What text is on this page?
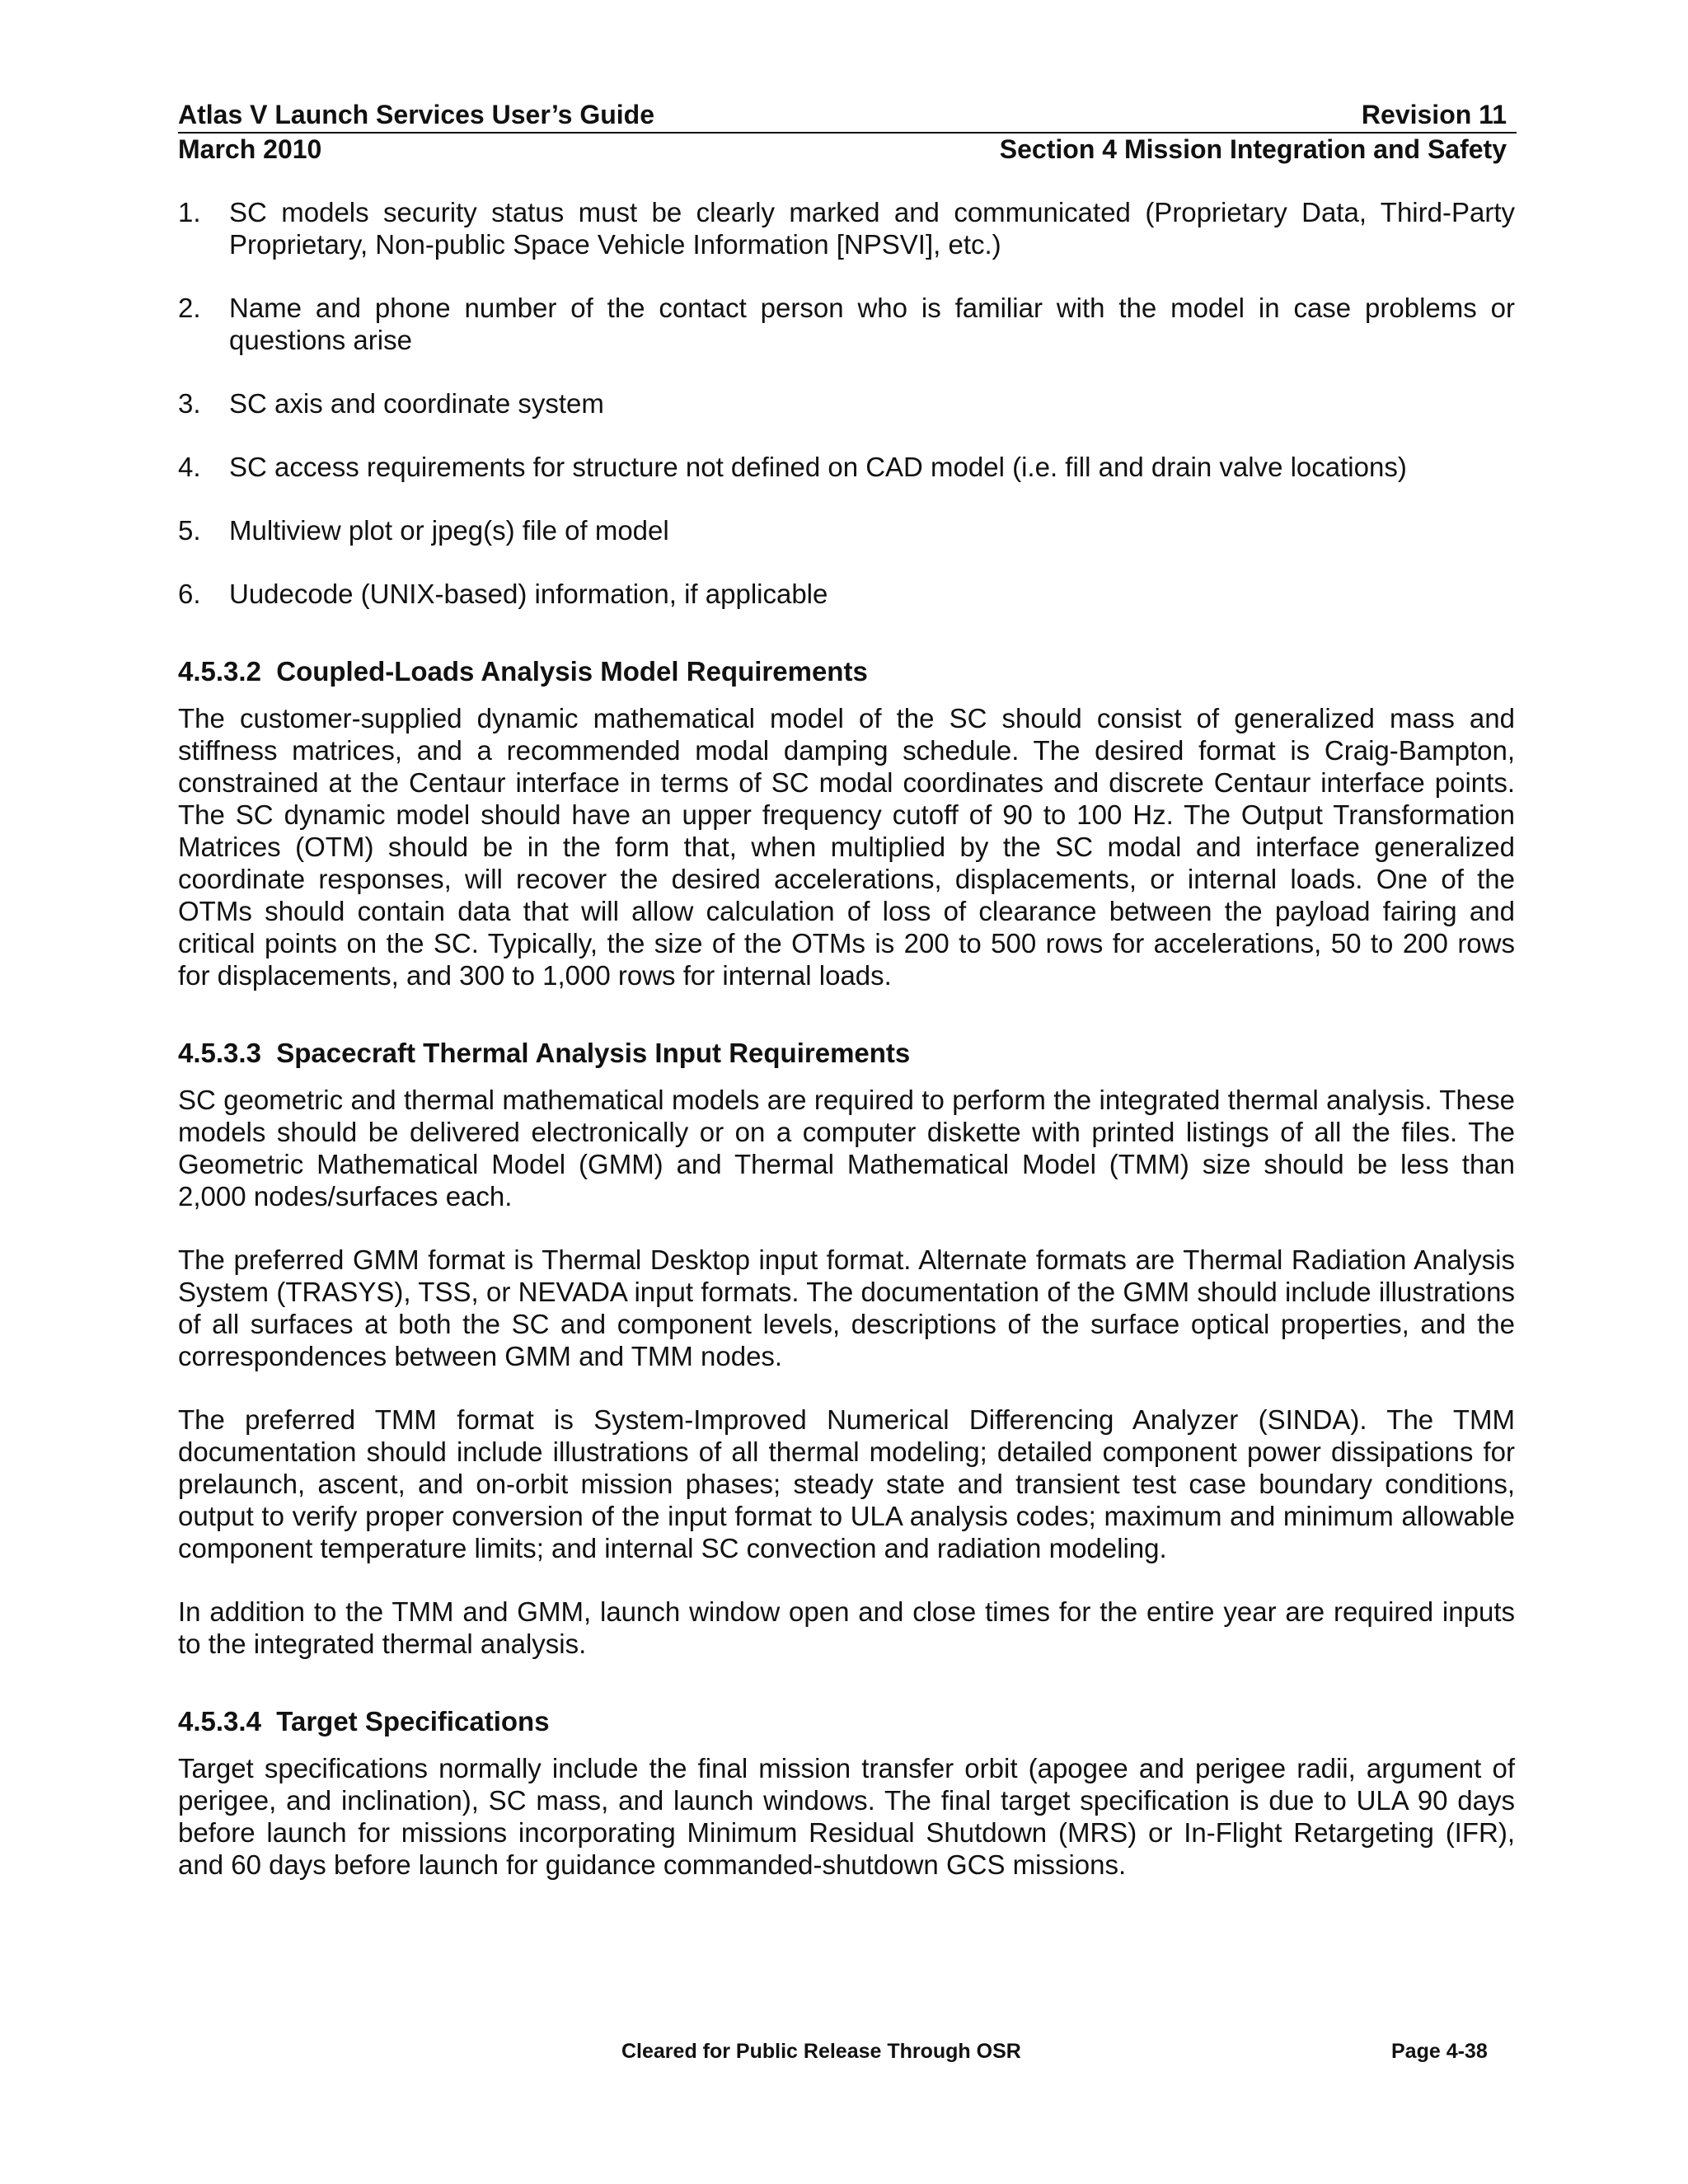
Atlas V Launch Services User’s Guide	Revision 11
March 2010	Section 4 Mission Integration and Safety
1.	SC models security status must be clearly marked and communicated (Proprietary Data, Third-Party Proprietary, Non-public Space Vehicle Information [NPSVI], etc.)
2.	Name and phone number of the contact person who is familiar with the model in case problems or questions arise
3.	SC axis and coordinate system
4.	SC access requirements for structure not defined on CAD model (i.e. fill and drain valve locations)
5.	Multiview plot or jpeg(s) file of model
6.	Uudecode (UNIX-based) information, if applicable
4.5.3.2  Coupled-Loads Analysis Model Requirements

The customer-supplied dynamic mathematical model of the SC should consist of generalized mass and stiffness matrices, and a recommended modal damping schedule. The desired format is Craig-Bampton, constrained at the Centaur interface in terms of SC modal coordinates and discrete Centaur interface points. The SC dynamic model should have an upper frequency cutoff of 90 to 100 Hz. The Output Transformation Matrices (OTM) should be in the form that, when multiplied by the SC modal and interface generalized coordinate responses, will recover the desired accelerations, displacements, or internal loads. One of the OTMs should contain data that will allow calculation of loss of clearance between the payload fairing and critical points on the SC. Typically, the size of the OTMs is 200 to 500 rows for accelerations, 50 to 200 rows for displacements, and 300 to 1,000 rows for internal loads.

4.5.3.3  Spacecraft Thermal Analysis Input Requirements

SC geometric and thermal mathematical models are required to perform the integrated thermal analysis. These models should be delivered electronically or on a computer diskette with printed listings of all the files. The Geometric Mathematical Model (GMM) and Thermal Mathematical Model (TMM) size should be less than 2,000 nodes/surfaces each.

The preferred GMM format is Thermal Desktop input format. Alternate formats are Thermal Radiation Analysis System (TRASYS), TSS, or NEVADA input formats. The documentation of the GMM should include illustrations of all surfaces at both the SC and component levels, descriptions of the surface optical properties, and the correspondences between GMM and TMM nodes.

The preferred TMM format is System-Improved Numerical Differencing Analyzer (SINDA). The TMM documentation should include illustrations of all thermal modeling; detailed component power dissipations for prelaunch, ascent, and on-orbit mission phases; steady state and transient test case boundary conditions, output to verify proper conversion of the input format to ULA analysis codes; maximum and minimum allowable component temperature limits; and internal SC convection and radiation modeling.

In addition to the TMM and GMM, launch window open and close times for the entire year are required inputs to the integrated thermal analysis.

4.5.3.4  Target Specifications

Target specifications normally include the final mission transfer orbit (apogee and perigee radii, argument of perigee, and inclination), SC mass, and launch windows. The final target specification is due to ULA 90 days before launch for missions incorporating Minimum Residual Shutdown (MRS) or In-Flight Retargeting (IFR), and 60 days before launch for guidance commanded-shutdown GCS missions.

Cleared for Public Release Through OSR	Page 4-38
